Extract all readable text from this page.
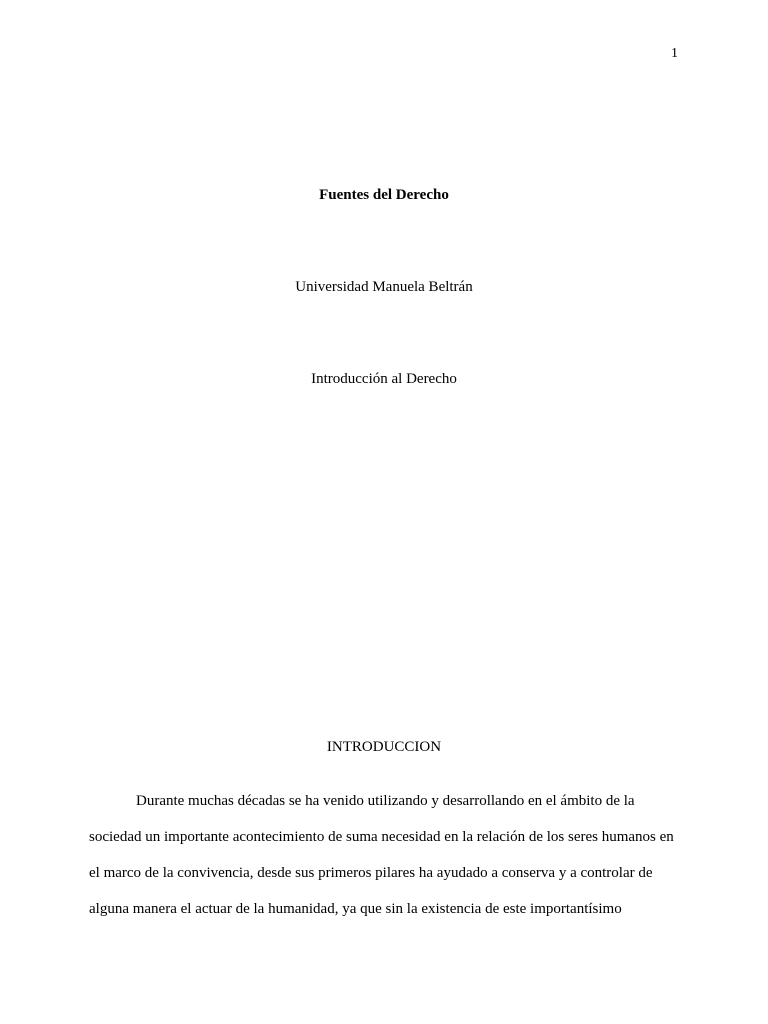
1
Fuentes del Derecho
Universidad Manuela Beltrán
Introducción al Derecho
INTRODUCCION
Durante muchas décadas se ha venido utilizando y desarrollando en el ámbito de la
sociedad un importante acontecimiento de suma necesidad en la relación de los seres humanos en
el marco de la convivencia, desde sus primeros pilares ha ayudado a conserva y a controlar de
alguna manera el actuar de la humanidad, ya que sin la existencia de este importantísimo
